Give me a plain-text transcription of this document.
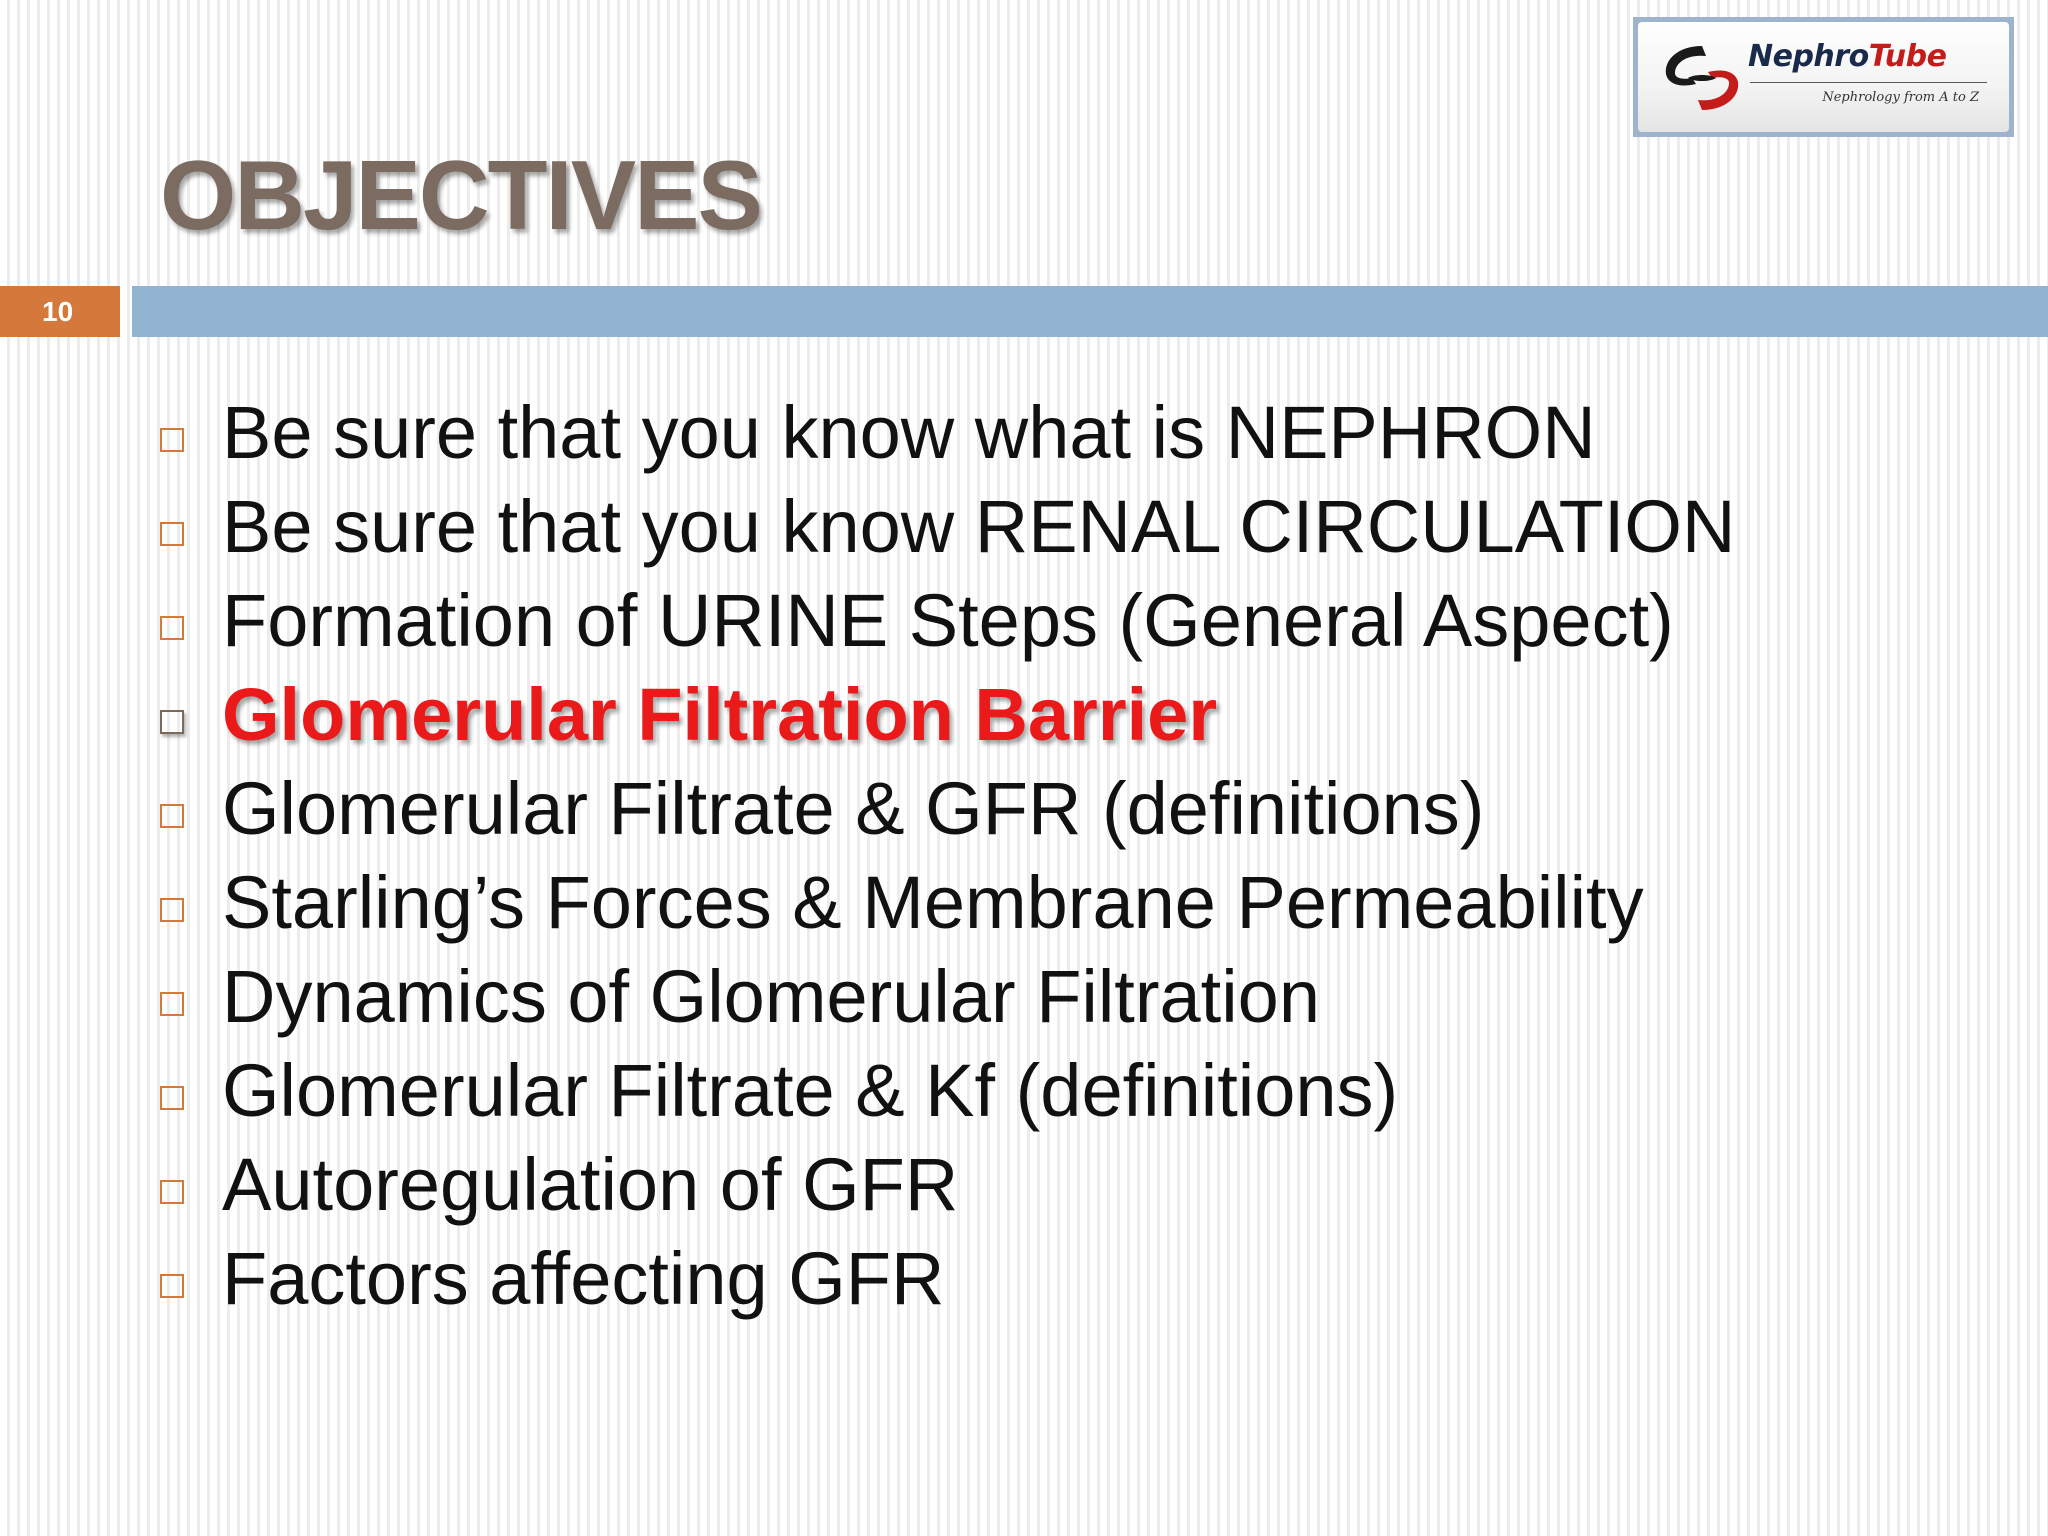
NephroTube
Nephrology from A to Z
OBJECTIVES
10
Be sure that you know what is NEPHRON
Be sure that you know RENAL CIRCULATION
Formation of URINE Steps (General Aspect)
Glomerular Filtration Barrier
Glomerular Filtrate & GFR (definitions)
Starling’s Forces & Membrane Permeability
Dynamics of Glomerular Filtration
Glomerular Filtrate & Kf (definitions)
Autoregulation of GFR
Factors affecting GFR
